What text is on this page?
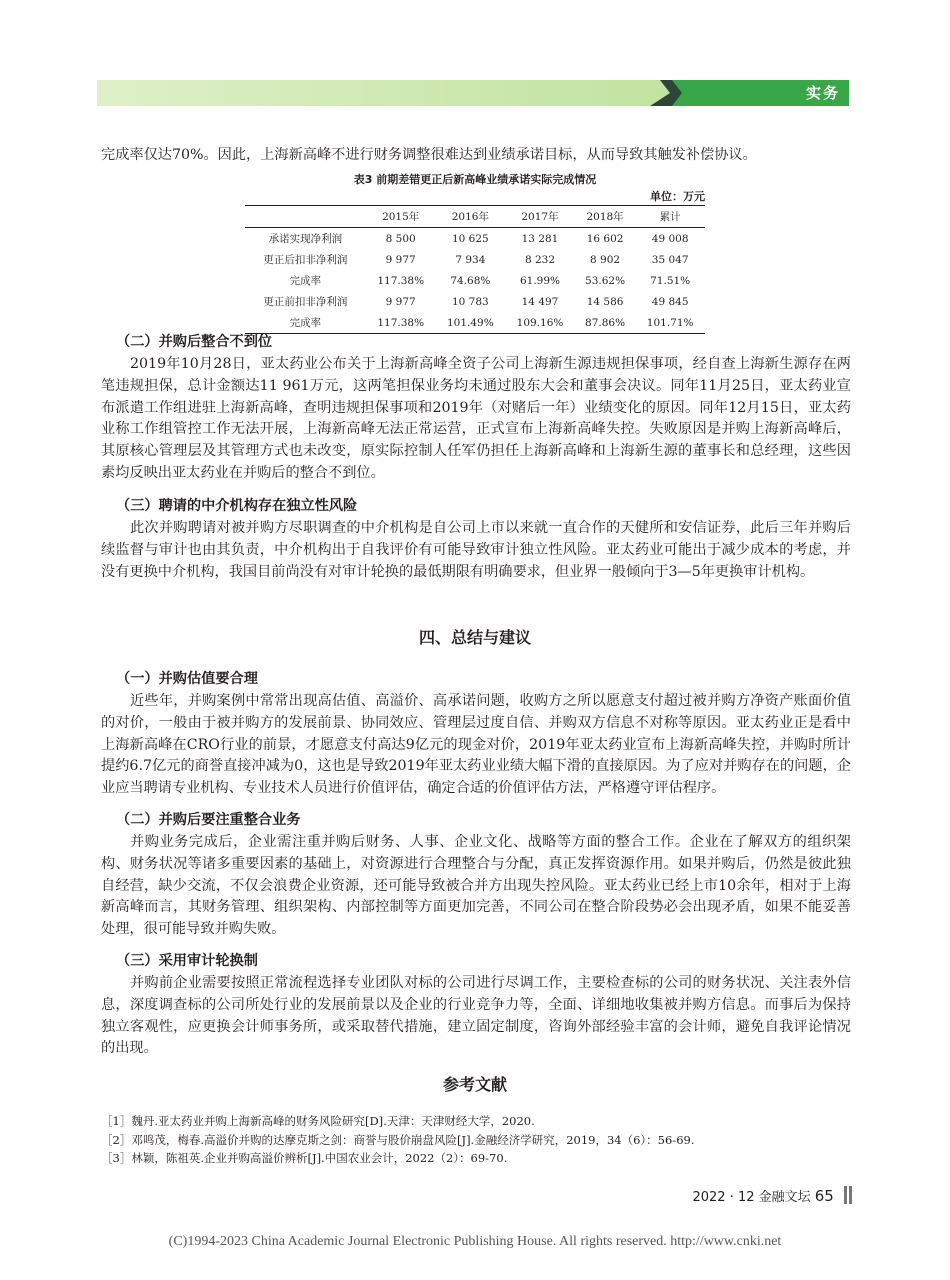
实务

完成率仅达70%。因此，上海新高峰不进行财务调整很难达到业绩承诺目标，从而导致其触发补偿协议。

表3 前期差错更正后新高峰业绩承诺实际完成情况
单位：万元
	2015年	2016年	2017年	2018年	累计
承诺实现净利润	8 500	10 625	13 281	16 602	49 008
更正后扣非净利润	9 977	7 934	8 232	8 902	35 047
完成率	117.38%	74.68%	61.99%	53.62%	71.51%
更正前扣非净利润	9 977	10 783	14 497	14 586	49 845
完成率	117.38%	101.49%	109.16%	87.86%	101.71%

（二）并购后整合不到位

2019年10月28日，亚太药业公布关于上海新高峰全资子公司上海新生源违规担保事项，经自查上海新生源存在两笔违规担保，总计金额达11 961万元，这两笔担保业务均未通过股东大会和董事会决议。同年11月25日，亚太药业宣布派遣工作组进驻上海新高峰，查明违规担保事项和2019年（对赌后一年）业绩变化的原因。同年12月15日，亚太药业称工作组管控工作无法开展，上海新高峰无法正常运营，正式宣布上海新高峰失控。失败原因是并购上海新高峰后，其原核心管理层及其管理方式也未改变，原实际控制人任军仍担任上海新高峰和上海新生源的董事长和总经理，这些因素均反映出亚太药业在并购后的整合不到位。

（三）聘请的中介机构存在独立性风险

此次并购聘请对被并购方尽职调查的中介机构是自公司上市以来就一直合作的天健所和安信证券，此后三年并购后续监督与审计也由其负责，中介机构出于自我评价有可能导致审计独立性风险。亚太药业可能出于减少成本的考虑，并没有更换中介机构，我国目前尚没有对审计轮换的最低期限有明确要求，但业界一般倾向于3—5年更换审计机构。

四、总结与建议

（一）并购估值要合理

近些年，并购案例中常常出现高估值、高溢价、高承诺问题，收购方之所以愿意支付超过被并购方净资产账面价值的对价，一般由于被并购方的发展前景、协同效应、管理层过度自信、并购双方信息不对称等原因。亚太药业正是看中上海新高峰在CRO行业的前景，才愿意支付高达9亿元的现金对价，2019年亚太药业宣布上海新高峰失控，并购时所计提约6.7亿元的商誉直接冲减为0，这也是导致2019年亚太药业业绩大幅下滑的直接原因。为了应对并购存在的问题，企业应当聘请专业机构、专业技术人员进行价值评估，确定合适的价值评估方法，严格遵守评估程序。

（二）并购后要注重整合业务

并购业务完成后，企业需注重并购后财务、人事、企业文化、战略等方面的整合工作。企业在了解双方的组织架构、财务状况等诸多重要因素的基础上，对资源进行合理整合与分配，真正发挥资源作用。如果并购后，仍然是彼此独自经营，缺少交流，不仅会浪费企业资源，还可能导致被合并方出现失控风险。亚太药业已经上市10余年，相对于上海新高峰而言，其财务管理、组织架构、内部控制等方面更加完善，不同公司在整合阶段势必会出现矛盾，如果不能妥善处理，很可能导致并购失败。

（三）采用审计轮换制

并购前企业需要按照正常流程选择专业团队对标的公司进行尽调工作，主要检查标的公司的财务状况、关注表外信息，深度调查标的公司所处行业的发展前景以及企业的行业竞争力等，全面、详细地收集被并购方信息。而事后为保持独立客观性，应更换会计师事务所，或采取替代措施，建立固定制度，咨询外部经验丰富的会计师，避免自我评论情况的出现。

参考文献
［1］魏丹.亚太药业并购上海新高峰的财务风险研究[D].天津：天津财经大学，2020.
［2］邓鸣茂，梅春.高溢价并购的达摩克斯之剑：商誉与股价崩盘风险[J].金融经济学研究，2019，34（6）：56-69.
［3］林颖，陈祖英.企业并购高溢价辨析[J].中国农业会计，2022（2）：69-70.
2022 · 12 金融文坛 65
(C)1994-2023 China Academic Journal Electronic Publishing House. All rights reserved. http://www.cnki.net
